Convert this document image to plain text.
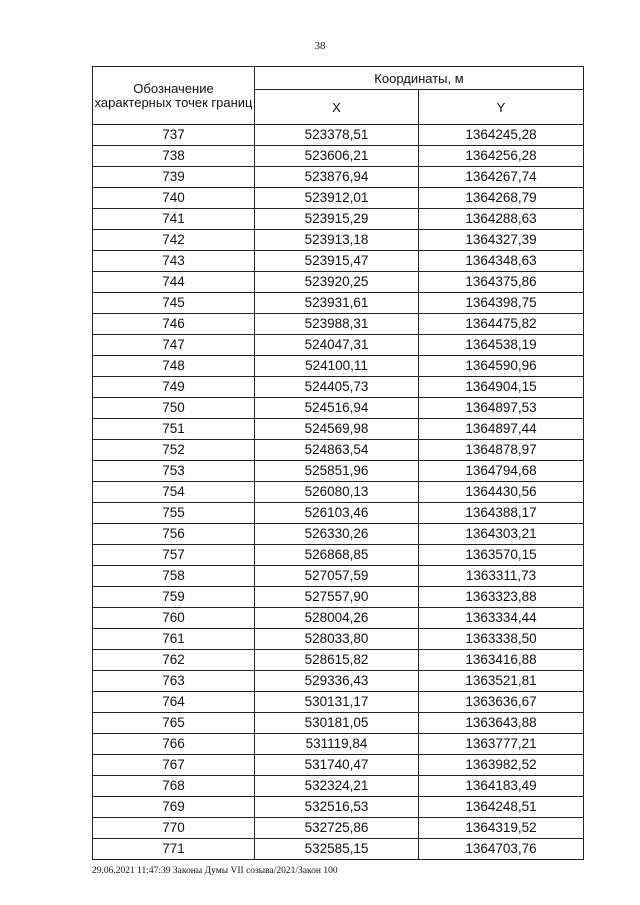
38
Обозначение характерных точек границ	Координаты, м	
	X	Y
737	523378,51	1364245,28
738	523606,21	1364256,28
739	523876,94	1364267,74
740	523912,01	1364268,79
741	523915,29	1364288,63
742	523913,18	1364327,39
743	523915,47	1364348,63
744	523920,25	1364375,86
745	523931,61	1364398,75
746	523988,31	1364475,82
747	524047,31	1364538,19
748	524100,11	1364590,96
749	524405,73	1364904,15
750	524516,94	1364897,53
751	524569,98	1364897,44
752	524863,54	1364878,97
753	525851,96	1364794,68
754	526080,13	1364430,56
755	526103,46	1364388,17
756	526330,26	1364303,21
757	526868,85	1363570,15
758	527057,59	1363311,73
759	527557,90	1363323,88
760	528004,26	1363334,44
761	528033,80	1363338,50
762	528615,82	1363416,88
763	529336,43	1363521,81
764	530131,17	1363636,67
765	530181,05	1363643,88
766	531119,84	1363777,21
767	531740,47	1363982,52
768	532324,21	1364183,49
769	532516,53	1364248,51
770	532725,86	1364319,52
771	532585,15	1364703,76
29.06.2021 11:47:39 Законы Думы VII созыва/2021/Закон 100
